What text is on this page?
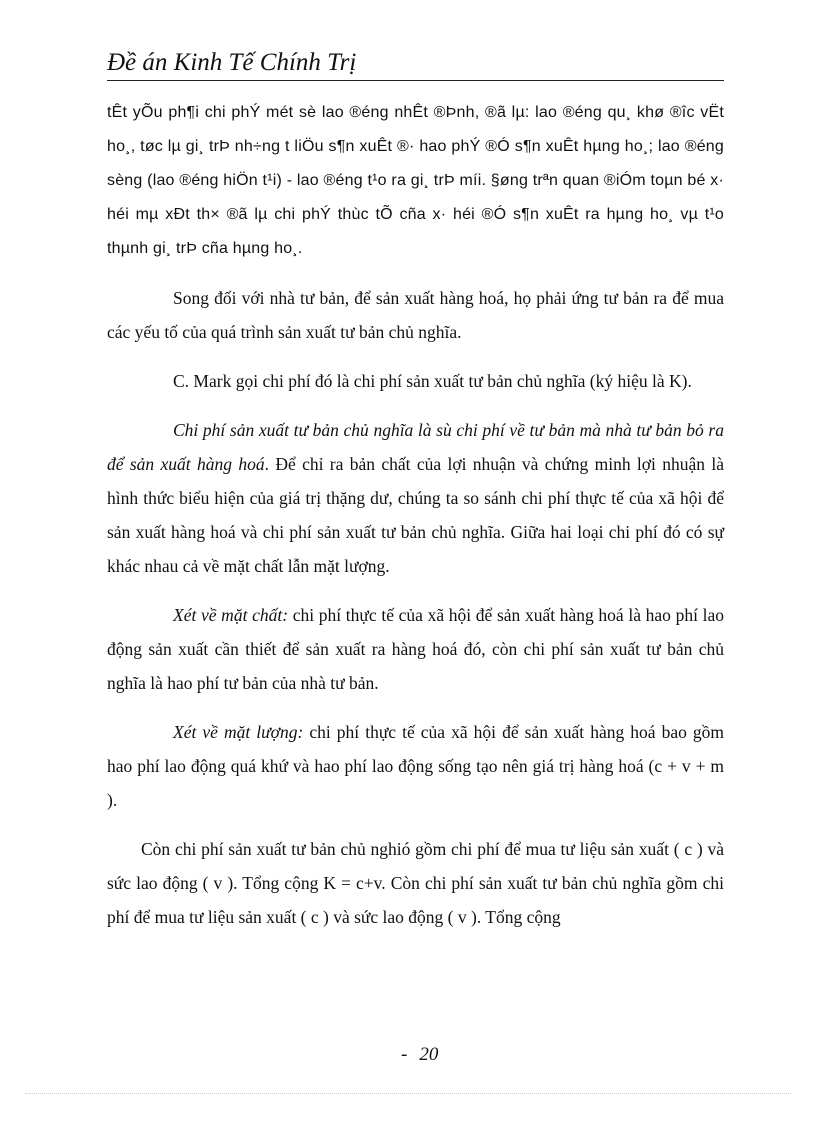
Đề án Kinh Tế Chính Trị

tÊt yÕu ph¶i chi phÝ mét sè lao ®éng nhÊt ®Þnh, ®ã lµ: lao ®éng qu¸ khø ®îc vËt ho¸, tøc lµ gi¸ trÞ nh÷ng t liÖu s¶n xuÊt ®· hao phÝ ®Ó s¶n xuÊt hµng ho¸; lao ®éng sèng (lao ®éng hiÖn t¹i) - lao ®éng t¹o ra gi¸ trÞ míi. §øng trªn quan ®iÓm toµn bé x· héi mµ xÐt th× ®ã lµ chi phÝ thùc tÕ cña x· héi ®Ó s¶n xuÊt ra hµng ho¸ vµ t¹o thµnh gi¸ trÞ cña hµng ho¸.

Song đối với nhà tư bản, để sản xuất hàng hoá, họ phải ứng tư bản ra để mua các yếu tố của quá trình sản xuất tư bản chủ nghĩa.

C. Mark gọi chi phí đó là chi phí sản xuất tư bản chủ nghĩa (ký hiệu là K).

Chi phí sản xuất tư bản chủ nghĩa là sù chi phí về tư bản mà nhà tư bản bỏ ra để sản xuất hàng hoá. Để chỉ ra bản chất của lợi nhuận và chứng minh lợi nhuận là hình thức biểu hiện của giá trị thặng dư, chúng ta so sánh chi phí thực tế của xã hội để sản xuất hàng hoá và chi phí sản xuất tư bản chủ nghĩa. Giữa hai loại chi phí đó có sự khác nhau cả về mặt chất lẫn mặt lượng.

Xét về mặt chất: chi phí thực tế của xã hội để sản xuất hàng hoá là hao phí lao động sản xuất cần thiết để sản xuất ra hàng hoá đó, còn chi phí sản xuất tư bản chủ nghĩa là hao phí tư bản của nhà tư bản.

Xét về mặt lượng: chi phí thực tế của xã hội để sản xuất hàng hoá bao gồm hao phí lao động quá khứ và hao phí lao động sống tạo nên giá trị hàng hoá (c + v + m ).

Còn chi phí sản xuất tư bản chủ nghió gồm chi phí để mua tư liệu sản xuất ( c ) và sức lao động ( v ). Tổng cộng K = c+v. Còn chi phí sản xuất tư bản chủ nghĩa gồm chi phí để mua tư liệu sản xuất ( c ) và sức lao động ( v ). Tổng cộng

- 20
